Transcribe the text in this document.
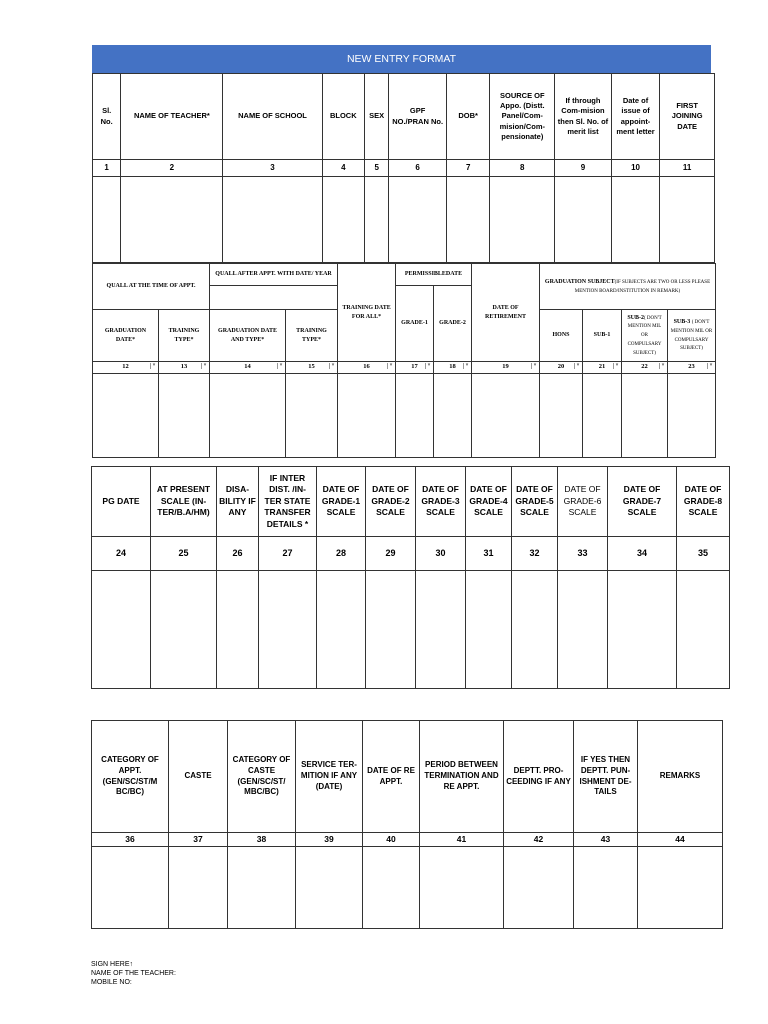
NEW ENTRY FORMAT
Sl. No.	NAME OF TEACHER*	NAME OF SCHOOL	BLOCK	SEX	GPF NO./PRAN No.	DOB*	SOURCE OF Appo. (Distt. Panel/Com-mision/Com-pensionate)	If through Com-mision then Sl. No. of merit list	Date of issue of appoint-ment letter	FIRST JOINING DATE
1	2	3	4	5	6	7	8	9	10	11

QUALL AT THE TIME OF APPT.		QUALL AFTER APPT. WITH DATE/ YEAR		TRAINING DATE FOR ALL*	PERMISSIBLEDATE		DATE OF RETIREMENT	GRADUATION SUBJECT(IF SUBJECTS ARE TWO OR LESS PLEASE MENTION BOARD/INSTITUTION IN REMARK)			
					GRADE-1	GRADE-2					
GRADUATION DATE*	TRAINING TYPE*	GRADUATION DATE AND TYPE*	TRAINING TYPE*					HONS	SUB-1	SUB-2( DON'T MENTION MIL OR COMPULSARY SUBJECT)	SUB-3 ( DON'T MENTION MIL OR COMPULSARY SUBJECT)
12 ▾	13 ▾	14 ▾	15 ▾	16 ▾	17 ▾	18 ▾	19 ▾	20 ▾	21 ▾	22 ▾	23 ▾

PG DATE	AT PRESENT SCALE (IN-TER/B.A/HM)	DISA-BILITY IF ANY	IF INTER DIST. /IN-TER STATE TRANSFER DETAILS *	DATE OF GRADE-1 SCALE	DATE OF GRADE-2 SCALE	DATE OF GRADE-3 SCALE	DATE OF GRADE-4 SCALE	DATE OF GRADE-5 SCALE	DATE OF GRADE-6 SCALE	DATE OF GRADE-7 SCALE	DATE OF GRADE-8 SCALE
24	25	26	27	28	29	30	31	32	33	34	35

CATEGORY OF APPT. (GEN/SC/ST/M BC/BC)	CASTE	CATEGORY OF CASTE (GEN/SC/ST/ MBC/BC)	SERVICE TER-MITION IF ANY (DATE)	DATE OF RE APPT.	PERIOD BETWEEN TERMINATION AND RE APPT.	DEPTT. PRO-CEEDING IF ANY	IF YES THEN DEPTT. PUN-ISHMENT DE-TAILS	REMARKS
36	37	38	39	40	41	42	43	44

SIGN HERE↑
NAME OF THE TEACHER:
MOBILE NO:
